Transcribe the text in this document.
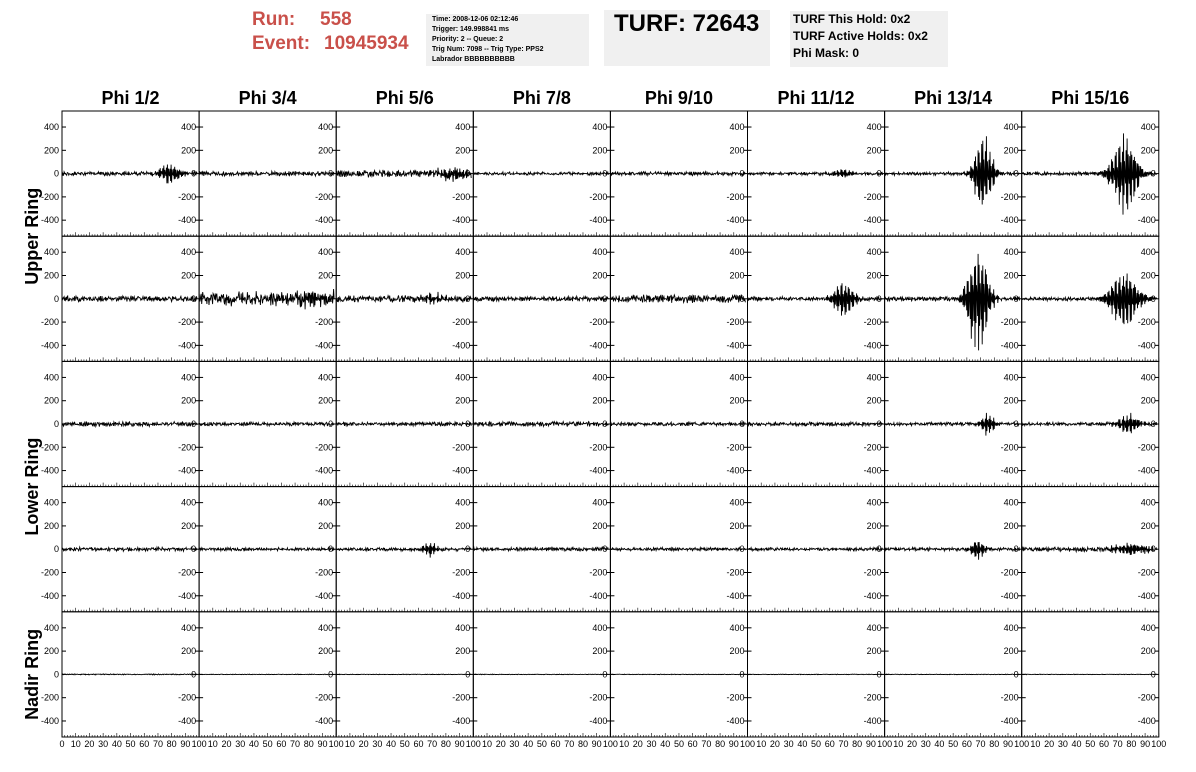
Run: 558
Event: 10945934
Time: 2008-12-06 02:12:46
Trigger: 149.998841 ms
Priority: 2 -- Queue: 2
Trig Num: 7098 -- Trig Type: PPS2
Labrador BBBBBBBBBB
TURF: 72643	TURF This Hold: 0x2
TURF Active Holds: 0x2
Phi Mask: 0
Phi 1/2	Phi 3/4	Phi 5/6	Phi 7/8	Phi 9/10	Phi 11/12	Phi 13/14	Phi 15/16
Upper Ring
Lower Ring
Nadir Ring
400
400
200
200
0
0
-200
-200
-400
-400
400
200
0
-200
-400
400
200
0
-200
-400
400
200
0
-200
-400
400
200
0
-200
-400
400
200
0
-200
-400
400
200
0
-200
-400
400
200
0
-200
-400
400
400
200
200
0
0
-200
-200
-400
-400
400
200
0
-200
-400
400
200
0
-200
-400
400
200
0
-200
-400
400
200
0
-200
-400
400
200
0
-200
-400
400
200
0
-200
-400
400
200
0
-200
-400
400
400
200
200
0
0
-200
-200
-400
-400
400
200
0
-200
-400
400
200
0
-200
-400
400
200
0
-200
-400
400
200
0
-200
-400
400
200
0
-200
-400
400
200
0
-200
-400
400
200
0
-200
-400
400
400
200
200
0
0
-200
-200
-400
-400
400
200
0
-200
-400
400
200
0
-200
-400
400
200
0
-200
-400
400
200
0
-200
-400
400
200
0
-200
-400
400
200
0
-200
-400
400
200
0
-200
-400
400
400
200
200
0
0
-200
-200
-400
-400
400
200
0
-200
-400
400
200
0
-200
-400
400
200
0
-200
-400
400
200
0
-200
-400
400
200
0
-200
-400
400
200
0
-200
-400
400
200
0
-200
-400
0 10 20 30 40 50 60 70 80 90 100 10 20 30 40 50 60 70 80 90 100 10 20 30 40 50 60 70 80 90 100 10 20 30 40 50 60 70 80 90 100 10 20 30 40 50 60 70 80 90 100 10 20 30 40 50 60 70 80 90 100 10 20 30 40 50 60 70 80 90 100 10 20 30 40 50 60 70 80 90 100
